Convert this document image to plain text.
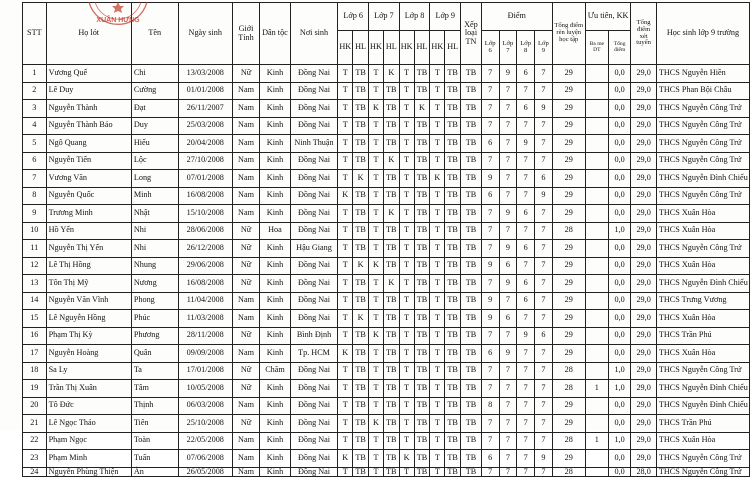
STT	Họ lót	Tên	Ngày sinh	Giới Tính	Dân tộc	Nơi sinh	Lớp 6		Lớp 7		Lớp 8		Lớp 9		Xếp loại TN	Điểm				Tổng điểm rèn luyện học tập	Ưu tiên, KK		Tổng điểm xét tuyển	Học sinh lớp 9 trường
							HK	HL	HK	HL	HK	HL	HK	HL		Lớp 6	Lớp 7	Lớp 8	Lớp 9		Ba me DT	Tổng điểm		
1	Vương Quế	Chi	13/03/2008	Nữ	Kinh	Đồng Nai	T	TB	T	K	T	TB	T	TB	TB	7	9	6	7	29		0,0	29,0	THCS Nguyễn Hiền
2	Lê Duy	Cường	01/01/2008	Nam	Kinh	Đồng Nai	T	TB	T	TB	T	TB	T	TB	TB	7	7	7	7	29		0,0	29,0	THCS Phan Bội Châu
3	Nguyễn Thành	Đạt	26/11/2007	Nam	Kinh	Đồng Nai	T	TB	K	TB	T	K	T	TB	TB	7	7	6	9	29		0,0	29,0	THCS Nguyễn Công Trứ
4	Nguyễn Thành Bảo	Duy	25/03/2008	Nam	Kinh	Đồng Nai	T	TB	T	TB	T	TB	T	TB	TB	7	7	7	7	29		0,0	29,0	THCS Nguyễn Công Trứ
5	Ngô Quang	Hiếu	20/04/2008	Nam	Kinh	Ninh Thuận	T	TB	T	TB	T	TB	T	TB	TB	6	7	9	7	29		0,0	29,0	THCS Nguyễn Công Trứ
6	Nguyễn Tiến	Lộc	27/10/2008	Nam	Kinh	Đồng Nai	T	TB	T	K	T	TB	T	TB	TB	7	7	7	7	29		0,0	29,0	THCS Nguyễn Công Trứ
7	Vương Văn	Long	07/01/2008	Nam	Kinh	Đồng Nai	T	K	T	TB	T	TB	K	TB	TB	9	7	7	6	29		0,0	29,0	THCS Nguyễn Đình Chiểu
8	Nguyễn Quốc	Minh	16/08/2008	Nam	Kinh	Đồng Nai	K	TB	T	TB	T	TB	T	TB	TB	6	7	7	9	29		0,0	29,0	THCS Nguyễn Công Trứ
9	Trương Minh	Nhật	15/10/2008	Nam	Kinh	Đồng Nai	T	TB	T	K	T	TB	T	TB	TB	7	9	6	7	29		0,0	29,0	THCS Xuân Hòa
10	Hồ Yến	Nhi	28/06/2008	Nữ	Hoa	Đồng Nai	T	TB	T	TB	T	TB	T	TB	TB	7	7	7	7	28		1,0	29,0	THCS Xuân Hòa
11	Nguyễn Thị Yến	Nhi	26/12/2008	Nữ	Kinh	Hậu Giang	T	TB	T	TB	T	TB	T	TB	TB	7	9	6	7	29		0,0	29,0	THCS Nguyễn Công Trứ
12	Lê Thị Hồng	Nhung	29/06/2008	Nữ	Kinh	Đồng Nai	T	K	K	TB	T	TB	T	TB	TB	9	6	7	7	29		0,0	29,0	THCS Xuân Hòa
13	Tôn Thị Mỹ	Nương	16/08/2008	Nữ	Kinh	Đồng Nai	T	TB	T	K	T	TB	T	TB	TB	7	9	6	7	29		0,0	29,0	THCS Nguyễn Đình Chiểu
14	Nguyễn Văn Vĩnh	Phong	11/04/2008	Nam	Kinh	Đồng Nai	T	TB	T	TB	T	TB	T	TB	TB	9	7	6	7	29		0,0	29,0	THCS Trưng Vương
15	Lê Nguyễn Hồng	Phúc	11/03/2008	Nam	Kinh	Đồng Nai	T	K	T	TB	T	TB	T	TB	TB	9	6	7	7	29		0,0	29,0	THCS Xuân Hòa
16	Phạm Thị Kỳ	Phương	28/11/2008	Nữ	Kinh	Bình Định	T	TB	K	TB	T	TB	T	TB	TB	7	7	9	6	29		0,0	29,0	THCS Trần Phú
17	Nguyễn Hoàng	Quân	09/09/2008	Nam	Kinh	Tp. HCM	K	TB	T	TB	T	TB	T	TB	TB	6	9	7	7	29		0,0	29,0	THCS Xuân Hòa
18	Sa Ly	Ta	17/01/2008	Nữ	Chăm	Đồng Nai	T	TB	T	TB	T	TB	T	TB	TB	7	7	7	7	28		1,0	29,0	THCS Nguyễn Công Trứ
19	Trần Thị Xuân	Tâm	10/05/2008	Nữ	Kinh	Đồng Nai	T	TB	T	TB	T	TB	T	TB	TB	7	7	7	7	28	1	1,0	29,0	THCS Nguyễn Đình Chiểu
20	Tô Đức	Thịnh	06/03/2008	Nam	Kinh	Đồng Nai	T	TB	T	TB	T	TB	T	TB	TB	8	7	7	7	29		0,0	29,0	THCS Nguyễn Đình Chiểu
21	Lê Ngọc Thảo	Tiên	25/10/2008	Nữ	Kinh	Đồng Nai	T	TB	K	TB	T	TB	T	TB	TB	7	7	7	7	29		0,0	29,0	THCS Trần Phú
22	Phạm Ngọc	Toàn	22/05/2008	Nam	Kinh	Đồng Nai	T	TB	T	TB	T	TB	T	TB	TB	7	7	7	7	28	1	1,0	29,0	THCS Xuân Hòa
23	Phạm Minh	Tuấn	07/06/2008	Nam	Kinh	Đồng Nai	K	TB	T	TB	K	TB	T	TB	TB	6	7	7	9	29		0,0	29,0	THCS Nguyễn Công Trứ
24	Nguyễn Phùng Thiện	Ân	26/05/2008	Nam	Kinh	Đồng Nai	T	TB	T	TB	T	TB	T	TB	TB	7	7	7	7	28		0,0	28,0	THCS Nguyễn Công Trứ
XUÂN HƯNG
